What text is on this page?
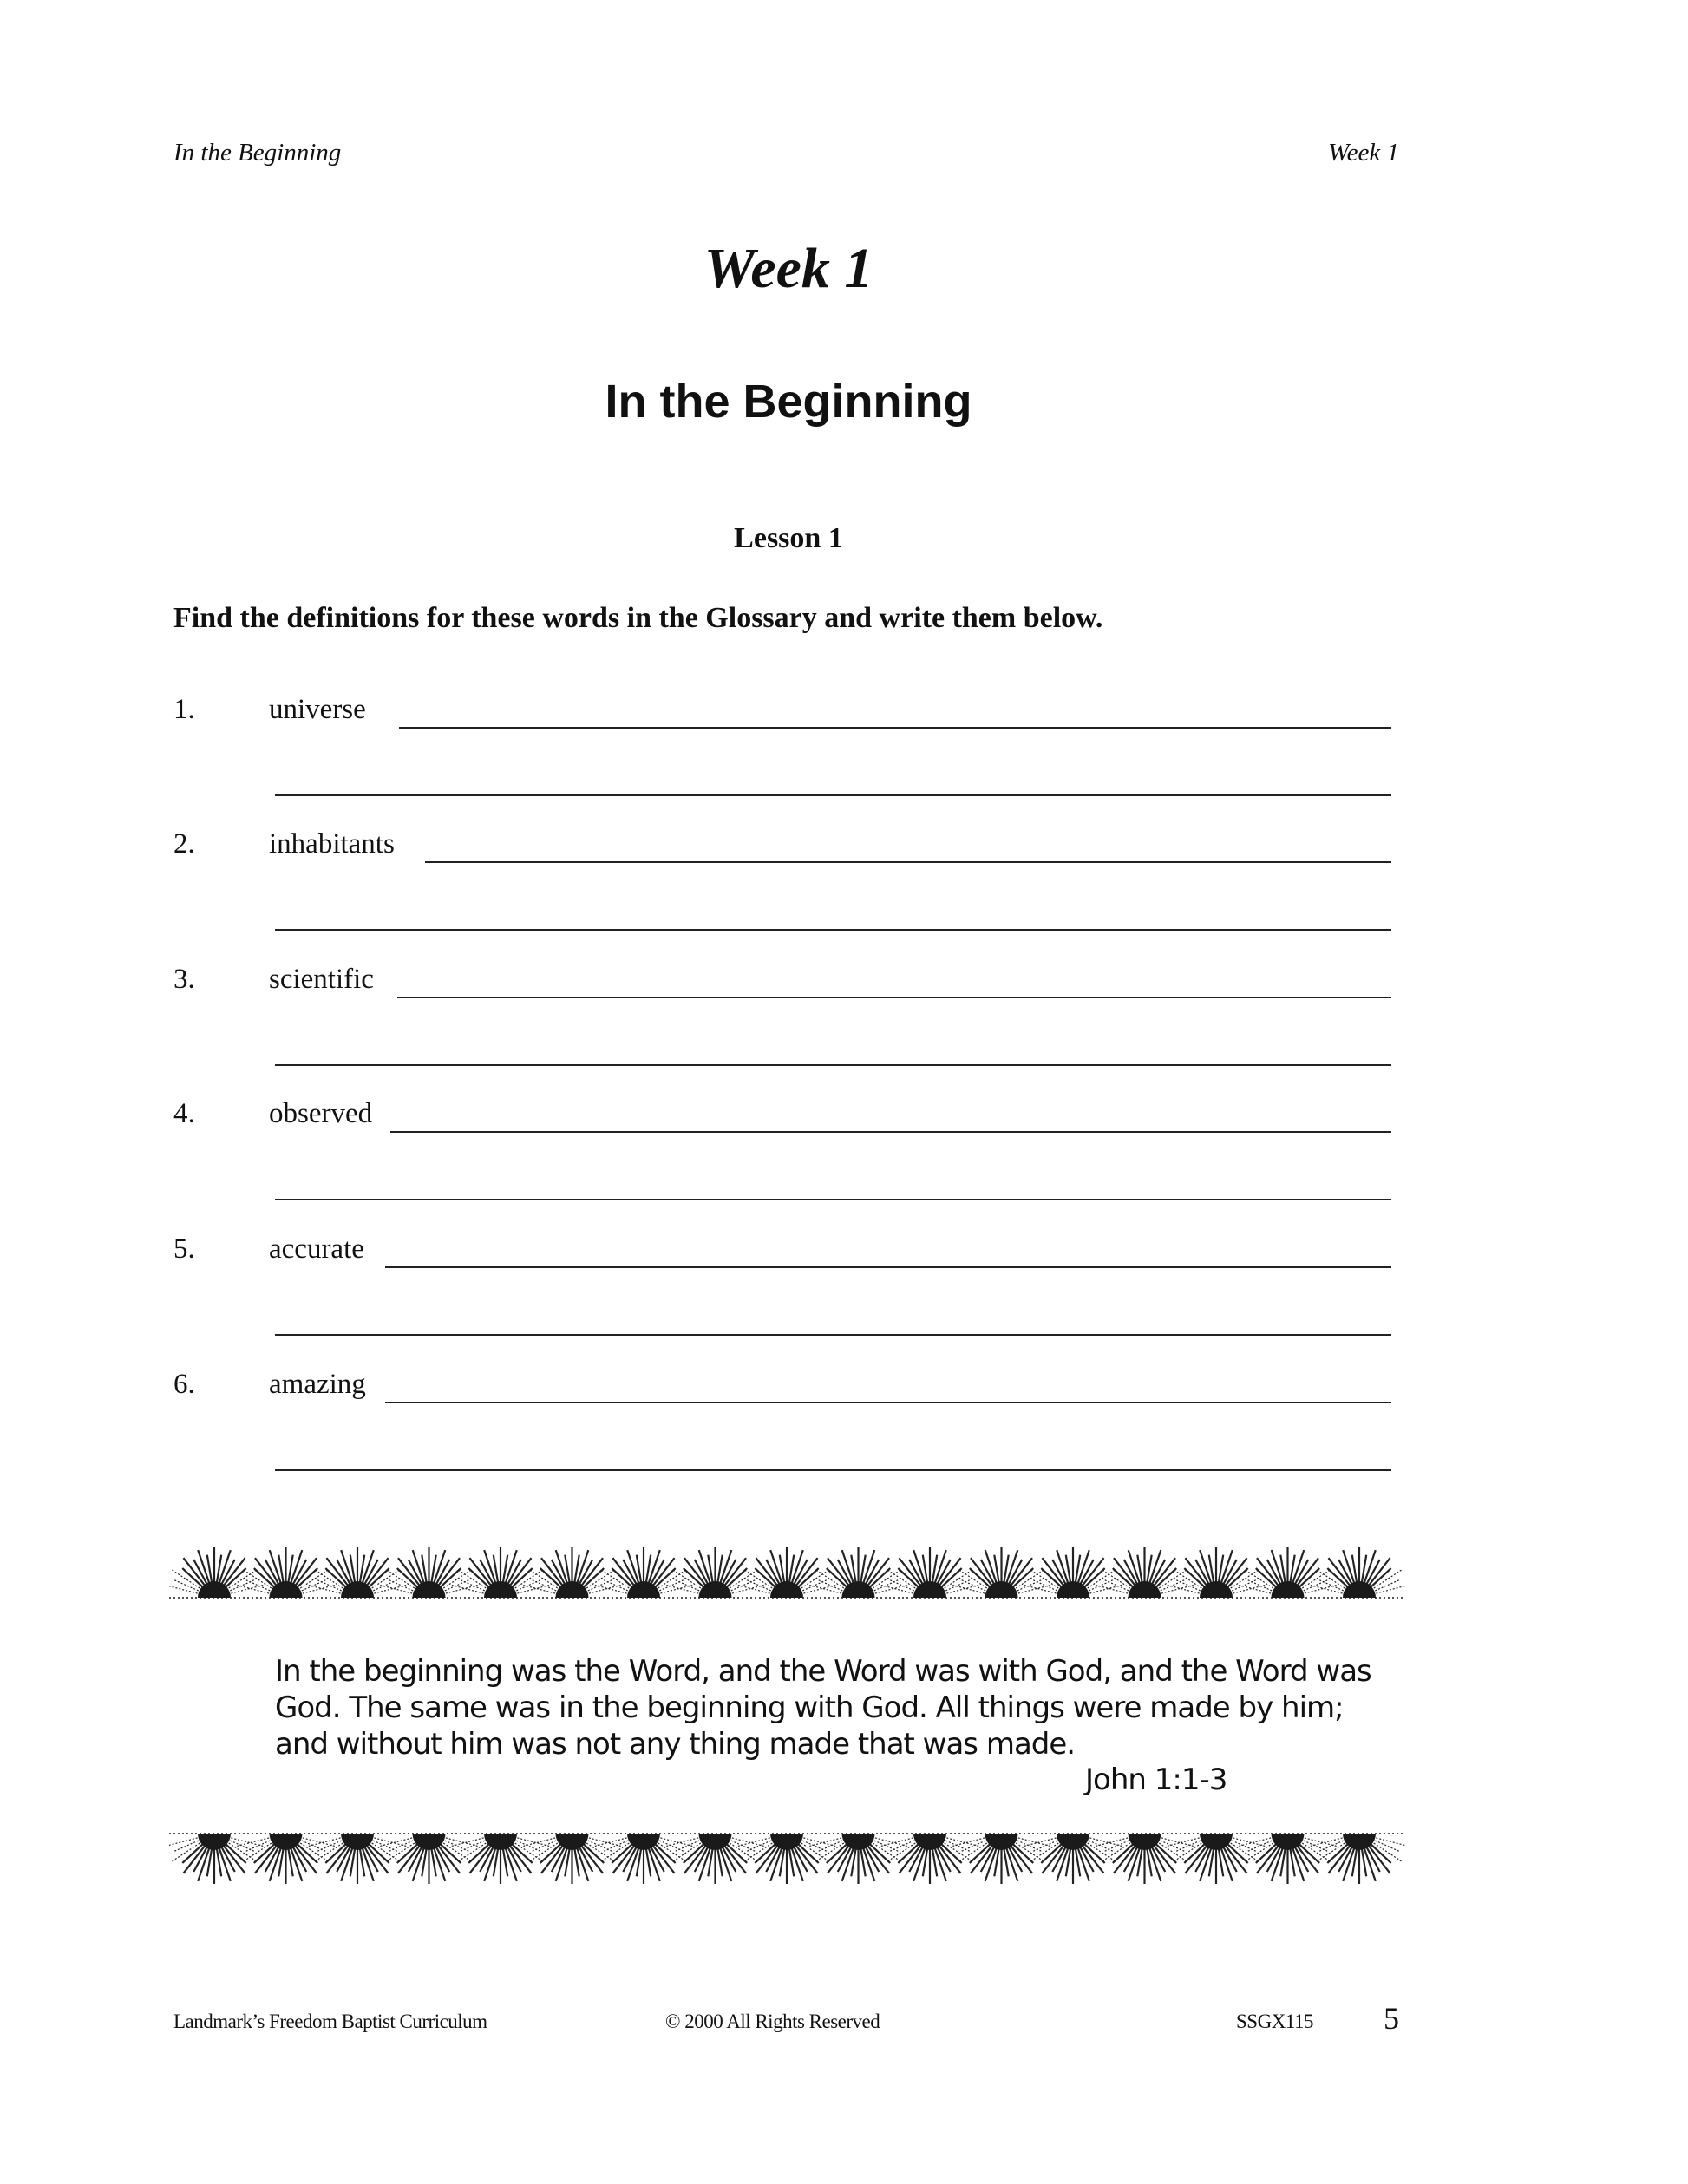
In the Beginning	Week 1
Week 1
In the Beginning
Lesson 1
Find the definitions for these words in the Glossary and write them below.
1.	universe
2.	inhabitants
3.	scientific
4.	observed
5.	accurate
6.	amazing
In the beginning was the Word, and the Word was with God, and the Word was
God. The same was in the beginning with God. All things were made by him;
and without him was not any thing made that was made.
John 1:1-3
Landmark’s Freedom Baptist Curriculum	© 2000 All Rights Reserved	SSGX115 5
